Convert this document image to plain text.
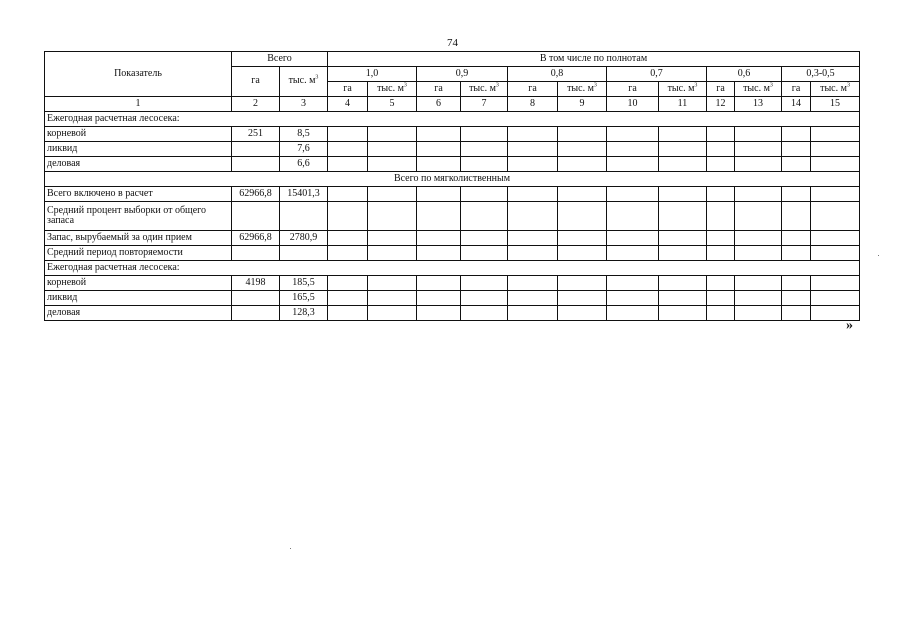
74
Показатель	Всего		В том числе по полнотам											
	га	тыс. $м^3$	1,0		0,9		0,8		0,7		0,6		0,3-0,5	
			га	тыс. $м^3$	га	тыс. $м^3$	га	тыс. $м^3$	га	тыс. $м^3$	га	тыс. $м^3$	га	тыс. $м^3$
1	2	3	4	5	6	7	8	9	10	11	12	13	14	15
Ежегодная расчетная лесосека:														
корневой	251	8,5												
ликвид		7,6												
деловая		6,6												
Всего по мягколиственным														
Всего включено в расчет	62966,8	15401,3												
Средний процент выборки от общего запаса														
Запас, вырубаемый за один прием	62966,8	2780,9												
Средний период повторяемости														
Ежегодная расчетная лесосека:														
корневой	4198	185,5												
ликвид		165,5												
деловая		128,3												
»
